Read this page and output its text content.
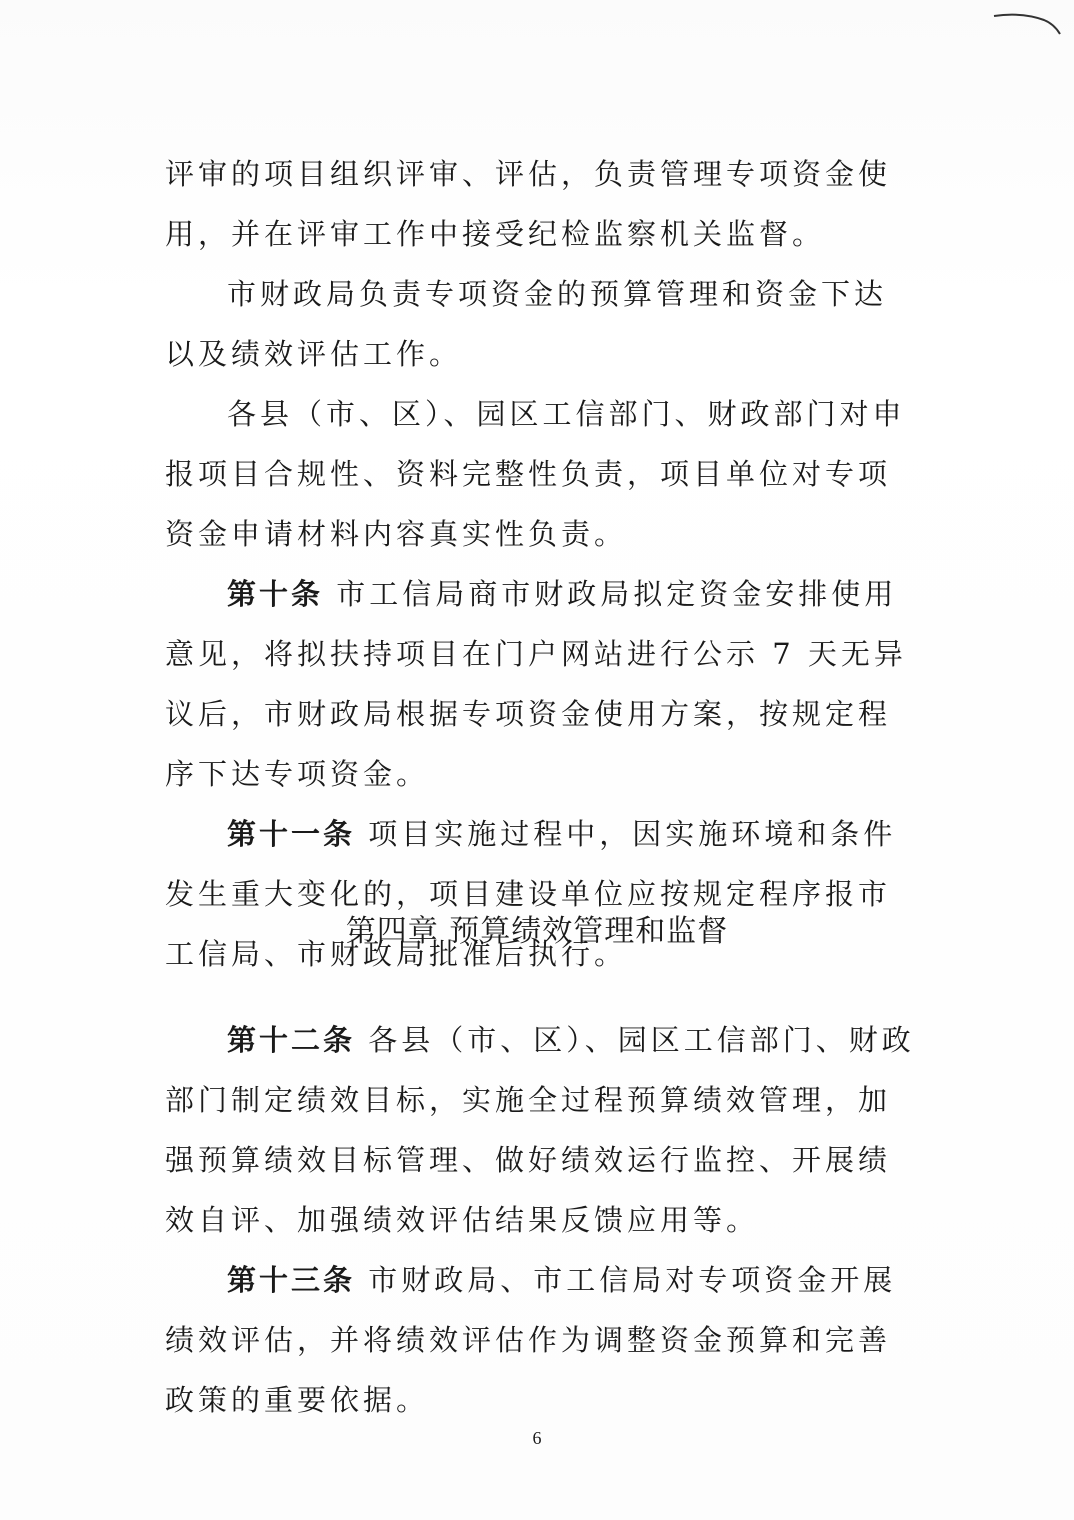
评审的项目组织评审、评估，负责管理专项资金使用，并在评审工作中接受纪检监察机关监督。

市财政局负责专项资金的预算管理和资金下达以及绩效评估工作。

各县（市、区）、园区工信部门、财政部门对申报项目合规性、资料完整性负责，项目单位对专项资金申请材料内容真实性负责。

第十条 市工信局商市财政局拟定资金安排使用意见，将拟扶持项目在门户网站进行公示 7 天无异议后，市财政局根据专项资金使用方案，按规定程序下达专项资金。

第十一条 项目实施过程中，因实施环境和条件发生重大变化的，项目建设单位应按规定程序报市工信局、市财政局批准后执行。

第四章 预算绩效管理和监督

第十二条 各县（市、区）、园区工信部门、财政部门制定绩效目标，实施全过程预算绩效管理，加强预算绩效目标管理、做好绩效运行监控、开展绩效自评、加强绩效评估结果反馈应用等。

第十三条 市财政局、市工信局对专项资金开展绩效评估，并将绩效评估作为调整资金预算和完善政策的重要依据。

6
